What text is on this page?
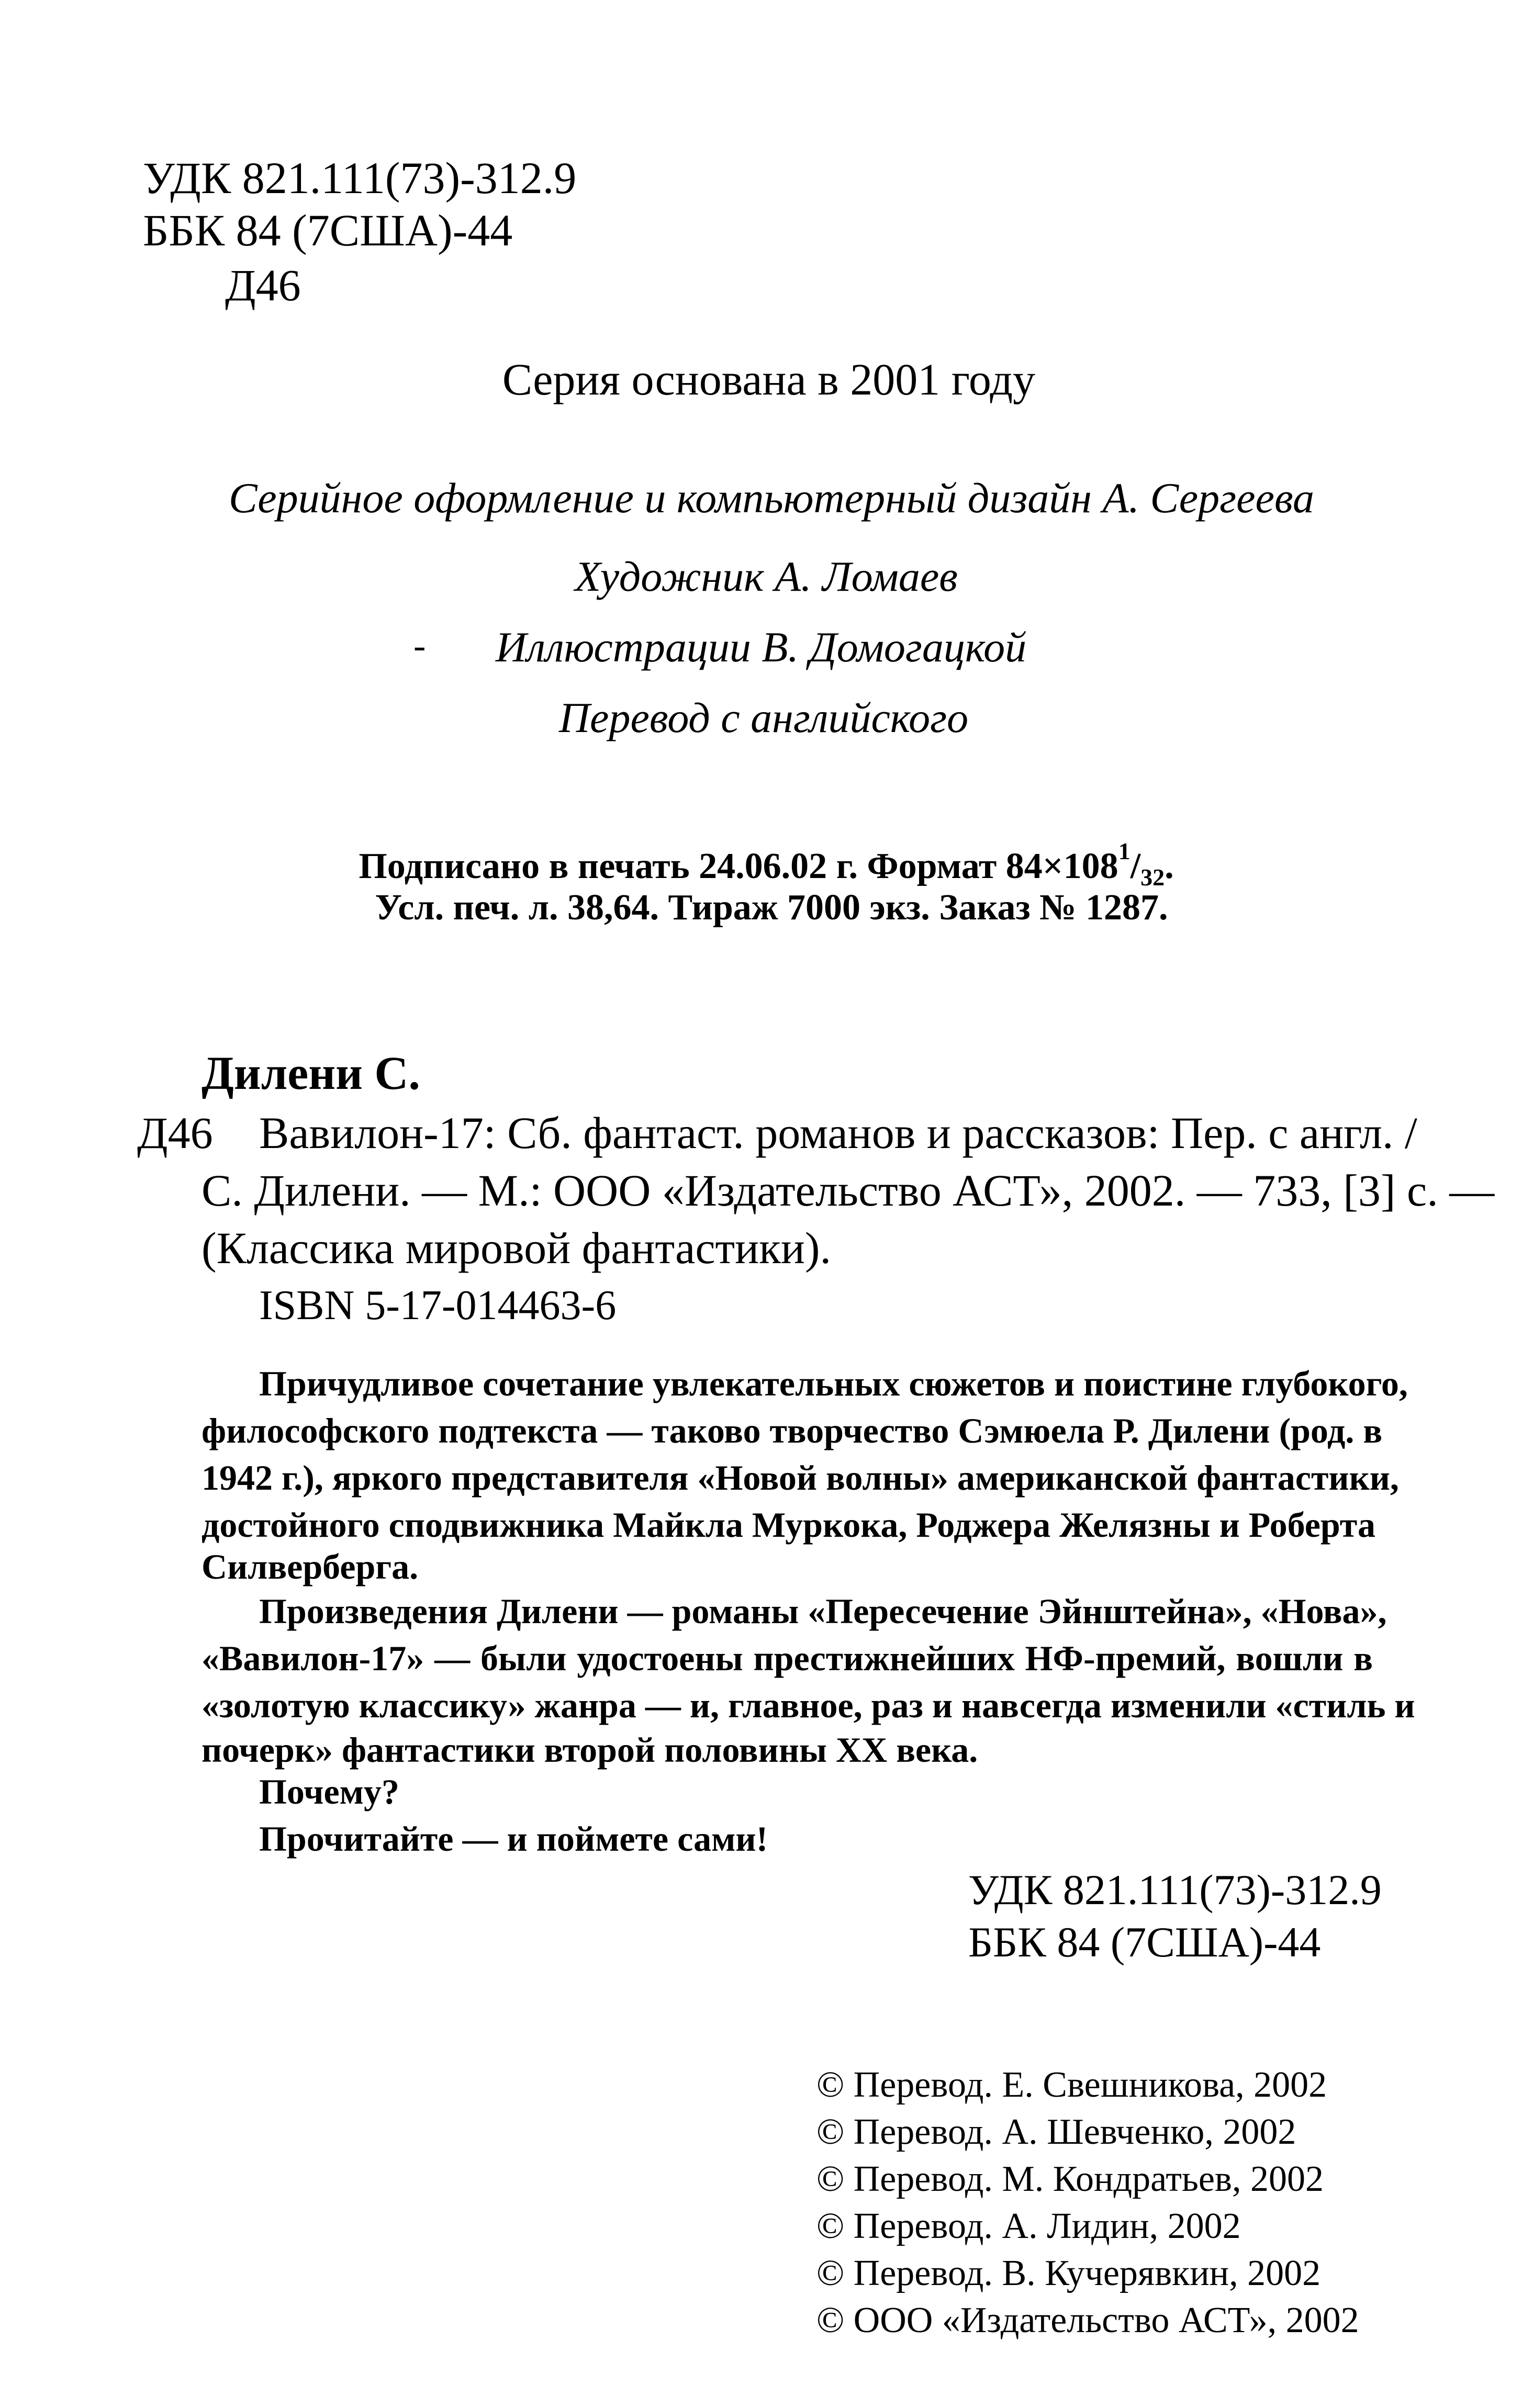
УДК 821.111(73)-312.9
ББК 84 (7США)-44
Д46
Серия основана в 2001 году
Серийное оформление и компьютерный дизайн А. Сергеева
Художник А. Ломаев
-	Иллюстрации В. Домогацкой
Перевод с английского
Подписано в печать 24.06.02 г. Формат $84\times 108^1/_{32}$.
Усл. печ. л. 38,64. Тираж 7000 экз. Заказ № 1287.
Дилени С.
Д46 Вавилон-17: Сб. фантаст. романов и рассказов: Пер. с англ. /
С. Дилени. — М.: ООО «Издательство АСТ», 2002. — 733, [3] с. —
(Классика мировой фантастики).
ISBN 5-17-014463-6
Причудливое сочетание увлекательных сюжетов и поистине глубокого,
философского подтекста — таково творчество Сэмюела Р. Дилени (род. в
1942 г.), яркого представителя «Новой волны» американской фантастики,
достойного сподвижника Майкла Муркока, Роджера Желязны и Роберта
Силверберга.
Произведения Дилени — романы «Пересечение Эйнштейна», «Нова»,
«Вавилон-17» — были удостоены престижнейших НФ-премий, вошли в
«золотую классику» жанра — и, главное, раз и навсегда изменили «стиль и
почерк» фантастики второй половины XX века.
Почему?
Прочитайте — и поймете сами!
УДК 821.111(73)-312.9
ББК 84 (7США)-44
© Перевод. Е. Свешникова, 2002
© Перевод. А. Шевченко, 2002
© Перевод. М. Кондратьев, 2002
© Перевод. А. Лидин, 2002
© Перевод. В. Кучерявкин, 2002
© ООО «Издательство АСТ», 2002
